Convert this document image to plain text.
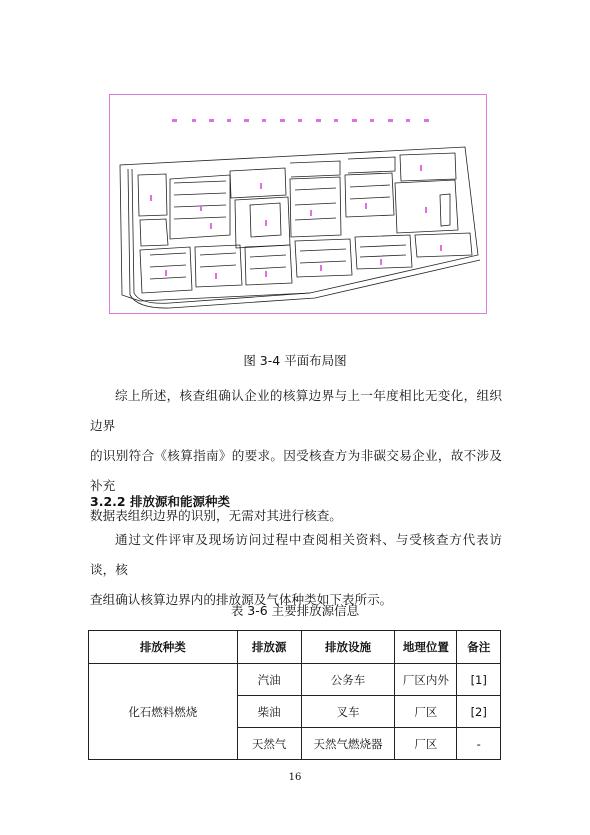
图 3-4 平面布局图
综上所述，核查组确认企业的核算边界与上一年度相比无变化，组织边界
的识别符合《核算指南》的要求。因受核查方为非碳交易企业，故不涉及补充
数据表组织边界的识别，无需对其进行核查。
3.2.2 排放源和能源种类
通过文件评审及现场访问过程中查阅相关资料、与受核查方代表访谈，核
查组确认核算边界内的排放源及气体种类如下表所示。
表 3-6 主要排放源信息
排放种类	排放源	排放设施	地理位置	备注
化石燃料燃烧	汽油	公务车	厂区内外	[1]
	柴油	叉车	厂区	[2]
	天然气	天然气燃烧器	厂区	-
16
